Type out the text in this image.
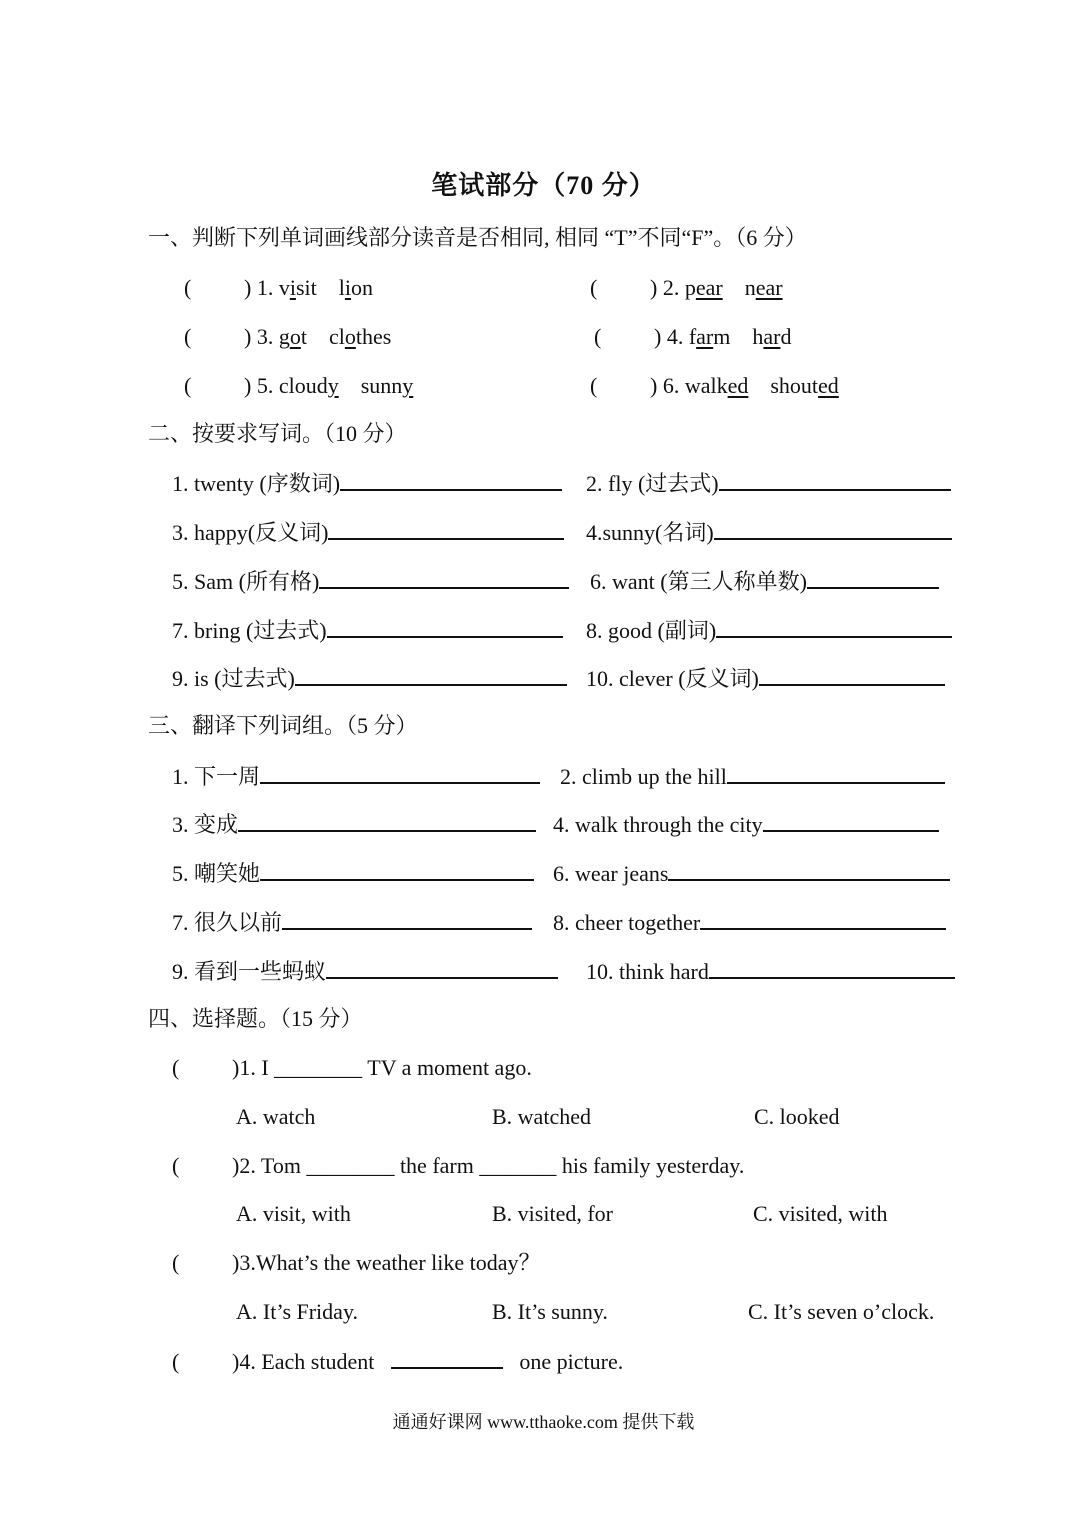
笔试部分（70 分）
一、判断下列单词画线部分读音是否相同, 相同 “T”不同“F”。（6 分）
( ) 1. visit lion	( ) 2. pear near
( ) 3. got clothes	( ) 4. farm hard
( ) 5. cloudy sunny	( ) 6. walked shouted
二、按要求写词。（10 分）
1. twenty (序数词)	2. fly (过去式)
3. happy(反义词)	4.sunny(名词)
5. Sam (所有格)	6. want (第三人称单数)
7. bring (过去式)	8. good (副词)
9. is (过去式)	10. clever (反义词)
三、翻译下列词组。（5 分）
1. 下一周	2. climb up the hill
3. 变成	4. walk through the city
5. 嘲笑她	6. wear jeans
7. 很久以前	8. cheer together
9. 看到一些蚂蚁	10. think hard
四、选择题。（15 分）
( )1. I ________ TV a moment ago.
A. watch	B. watched	C. looked
( )2. Tom ________ the farm _______ his family yesterday.
A. visit, with	B. visited, for	C. visited, with
( )3.What’s the weather like today？
A. It’s Friday.	B. It’s sunny.	C. It’s seven o’clock.
( )4. Each student	one picture.
通通好课网 www.tthaoke.com 提供下载
